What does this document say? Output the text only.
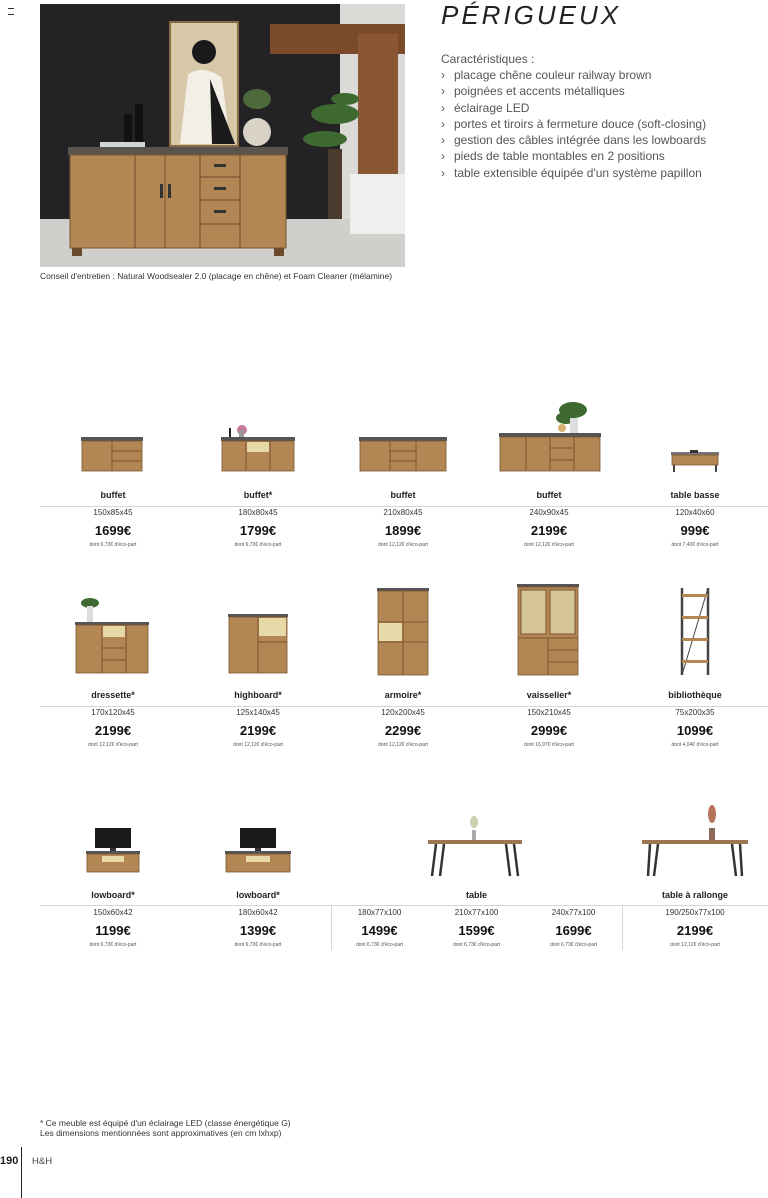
PÉRIGUEUX
Caractéristiques :
› placage chêne couleur railway brown
› poignées et accents métalliques
› éclairage LED
› portes et tiroirs à fermeture douce (soft-closing)
› gestion des câbles intégrée dans les lowboards
› pieds de table montables en 2 positions
› table extensible équipée d'un système papillon
Conseil d'entretien : Natural Woodsealer 2.0 (placage en chêne) et Foam Cleaner (mélamine)
buffet
150x85x45
1699€
dont 6,73€ d'éco-part
buffet*
180x80x45
1799€
dont 6,73€ d'éco-part
buffet
210x80x45
1899€
dont 12,12€ d'éco-part
buffet
240x90x45
2199€
dont 12,12€ d'éco-part
table basse
120x40x60
999€
dont 7,40€ d'éco-part
dressette*
170x120x45
2199€
dont 12,12€ d'éco-part
highboard*
125x140x45
2199€
dont 12,12€ d'éco-part
armoire*
120x200x45
2299€
dont 12,12€ d'éco-part
vaisselier*
150x210x45
2999€
dont 16,97€ d'éco-part
bibliothèque
75x200x35
1099€
dont 4,04€ d'éco-part
lowboard*
150x60x42
1199€
dont 6,73€ d'éco-part
lowboard*
180x60x42
1399€
dont 6,73€ d'éco-part
table
180x77x100
1499€
dont 6,73€ d'éco-part
210x77x100
1599€
dont 6,73€ d'éco-part
240x77x100
1699€
dont 6,73€ d'éco-part
table à rallonge
190/250x77x100
2199€
dont 12,12€ d'éco-part
* Ce meuble est équipé d'un éclairage LED (classe énergétique G)
Les dimensions mentionnées sont approximatives (en cm lxhxp)
190 H&H
